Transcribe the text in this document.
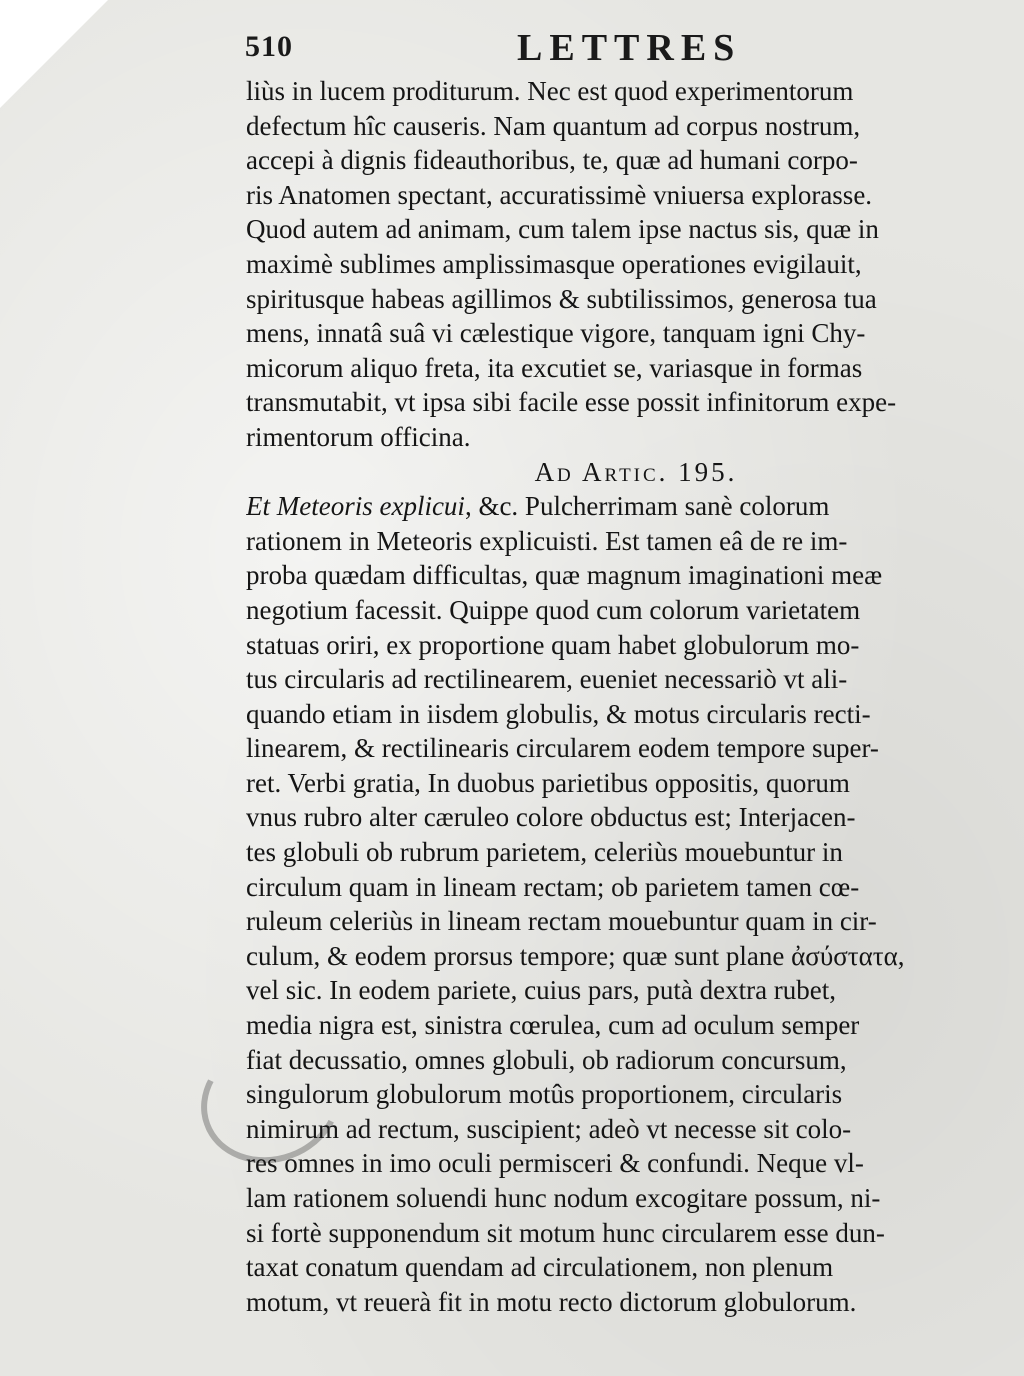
510	LETTRES
liùs in lucem proditurum. Nec est quod experimentorum
defectum hîc causeris. Nam quantum ad corpus nostrum,
accepi à dignis fideauthoribus, te, quæ ad humani corpo-
ris Anatomen spectant, accuratissimè vniuersa explorasse.
Quod autem ad animam, cum talem ipse nactus sis, quæ in
maximè sublimes amplissimasque operationes evigilauit,
spiritusque habeas agillimos & subtilissimos, generosa tua
mens, innatâ suâ vi cælestique vigore, tanquam igni Chy-
micorum aliquo freta, ita excutiet se, variasque in formas
transmutabit, vt ipsa sibi facile esse possit infinitorum expe-
rimentorum officina.
Ad Artic. 195.
Et Meteoris explicui, &c. Pulcherrimam sanè colorum
rationem in Meteoris explicuisti. Est tamen eâ de re im-
proba quædam difficultas, quæ magnum imaginationi meæ
negotium facessit. Quippe quod cum colorum varietatem
statuas oriri, ex proportione quam habet globulorum mo-
tus circularis ad rectilinearem, eueniet necessariò vt ali-
quando etiam in iisdem globulis, & motus circularis recti-
linearem, & rectilinearis circularem eodem tempore super-
ret. Verbi gratia, In duobus parietibus oppositis, quorum
vnus rubro alter cæruleo colore obductus est; Interjacen-
tes globuli ob rubrum parietem, celeriùs mouebuntur in
circulum quam in lineam rectam; ob parietem tamen cœ-
ruleum celeriùs in lineam rectam mouebuntur quam in cir-
culum, & eodem prorsus tempore; quæ sunt plane ἀσύστατα,
vel sic. In eodem pariete, cuius pars, putà dextra rubet,
media nigra est, sinistra cœrulea, cum ad oculum semper
fiat decussatio, omnes globuli, ob radiorum concursum,
singulorum globulorum motûs proportionem, circularis
nimirum ad rectum, suscipient; adeò vt necesse sit colo-
res omnes in imo oculi permisceri & confundi. Neque vl-
lam rationem soluendi hunc nodum excogitare possum, ni-
si fortè supponendum sit motum hunc circularem esse dun-
taxat conatum quendam ad circulationem, non plenum
motum, vt reuerà fit in motu recto dictorum globulorum.
